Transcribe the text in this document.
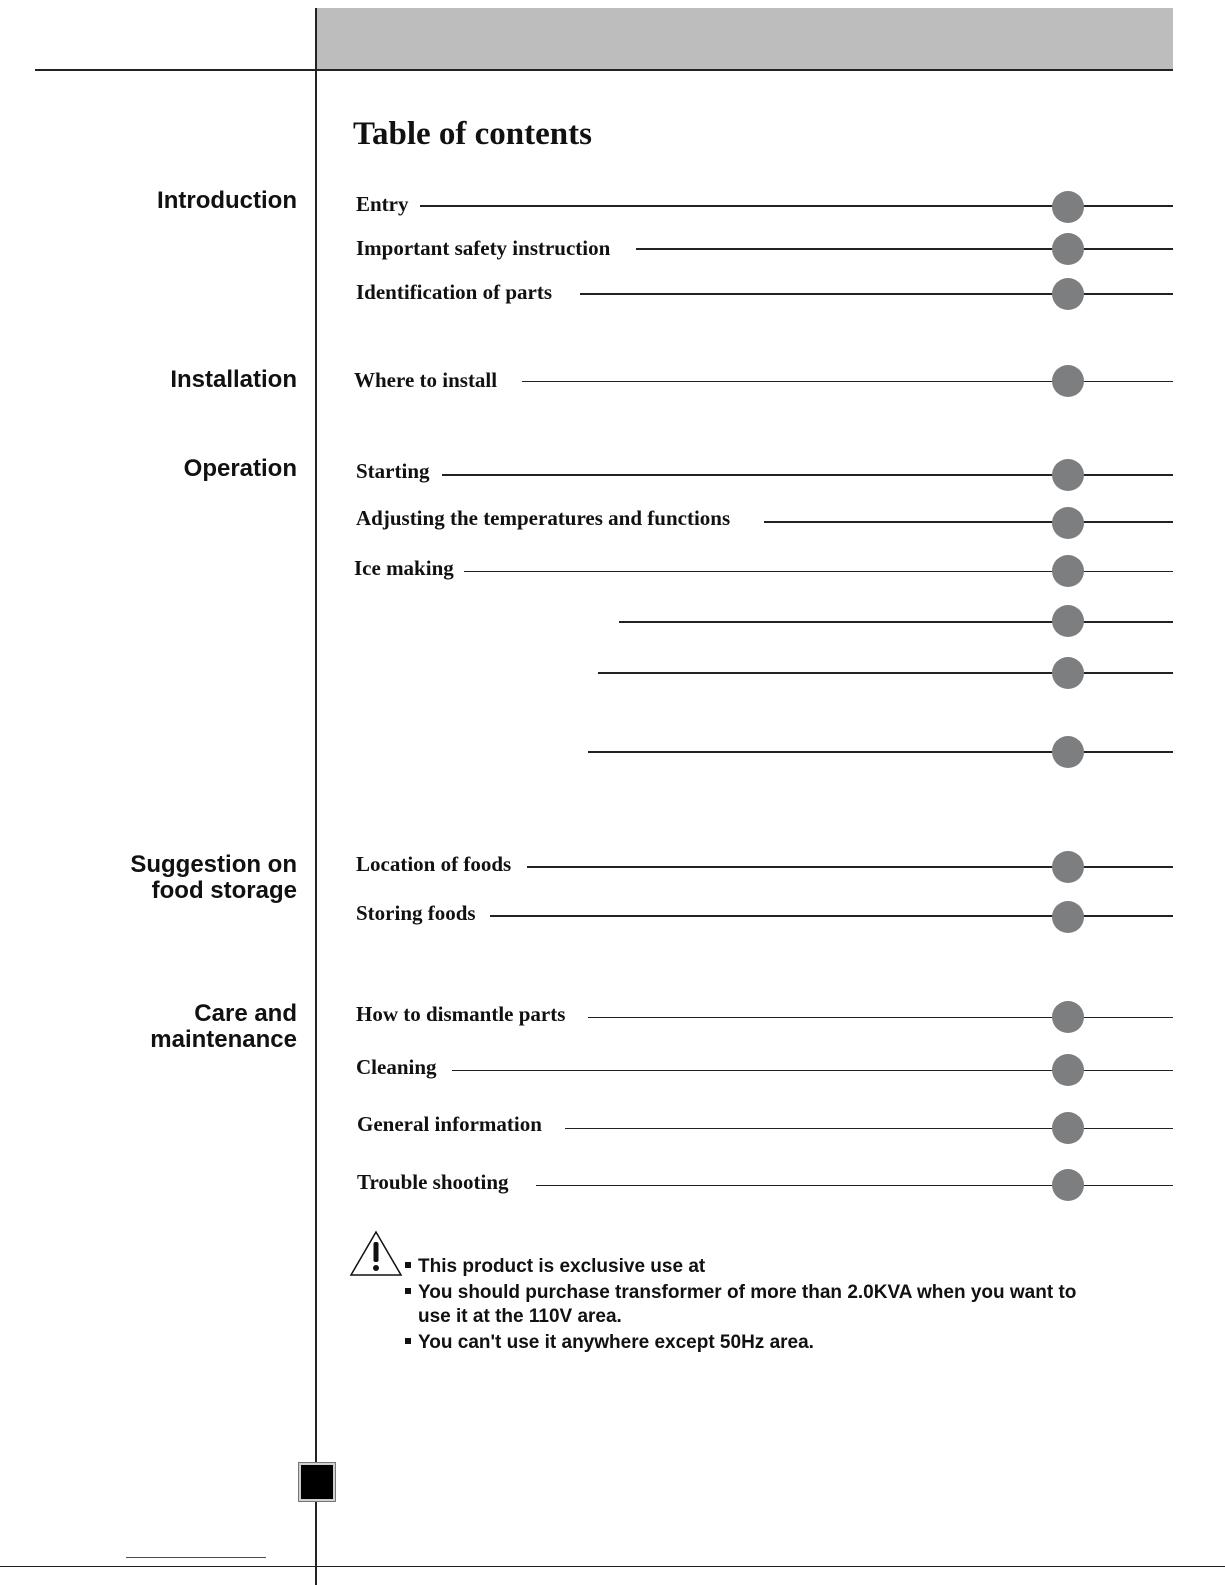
Table of contents
Introduction
Installation
Operation
Suggestion on
food storage
Care and
maintenance
Entry
Important safety instruction
Identification of parts
Where to install
Starting
Adjusting the temperatures and functions
Ice making
Location of foods
Storing foods
How to dismantle parts
Cleaning
General information
Trouble shooting
This product is exclusive use at
You should purchase transformer of more than 2.0KVA when you want to
use it at the 110V area.
You can't use it anywhere except 50Hz area.
